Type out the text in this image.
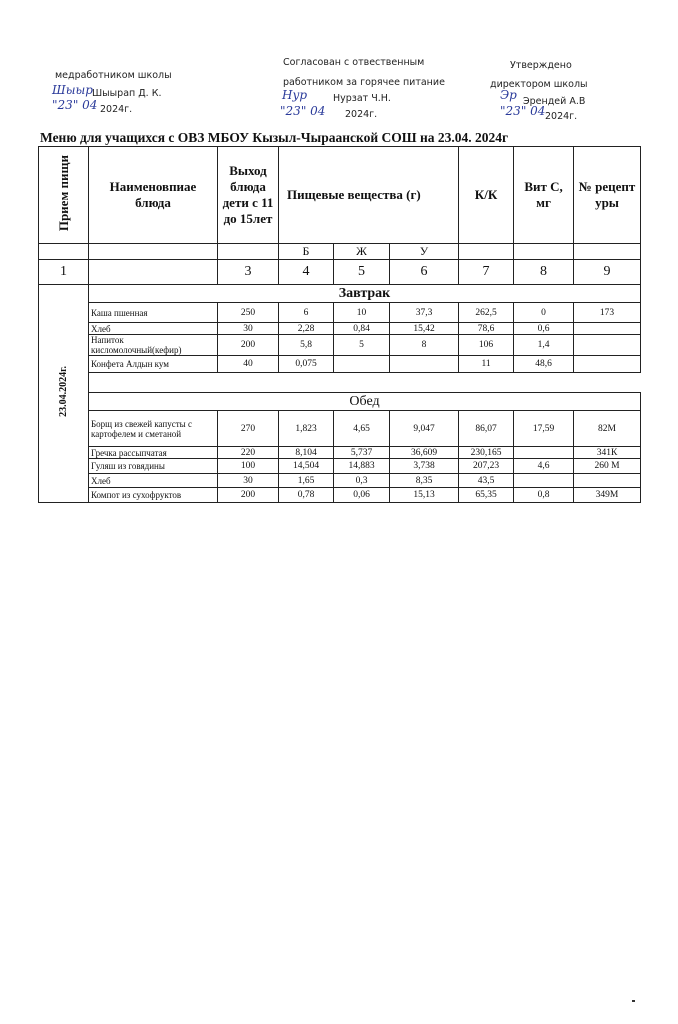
медработником школы
Шыыр Шыырап Д. К.
"23" 04 2024г.
Согласован с отвественным
работником за горячее питание
Нур	Нурзат Ч.Н.
"23" 04 2024г.
Утверждено
директором школы
Эр Эрендей А.В
"23" 04 2024г.
Меню для учащихся с ОВЗ МБОУ Кызыл-Чыраанской СОШ на 23.04. 2024г
Прием пищи	Наименовпиае блюда	Выход блюда дети с 11 до 15лет	Пищевые вещества (г)			К/К	Вит С, мг	№ рецептуры
			Б	Ж	У			
1		3	4	5	6	7	8	9
23.04.2024г.	Завтрак							
	Каша пшенная	250	6	10	37,3	262,5	0	173
	Хлеб	30	2,28	0,84	15,42	78,6	0,6	
	Напиток кисломолочный(кефир)	200	5,8	5	8	106	1,4	
	Конфета Алдын кум	40	0,075			11	48,6	

	Обед							
	Борщ из свежей капусты с картофелем и сметаной	270	1,823	4,65	9,047	86,07	17,59	82М
	Гречка рассыпчатая	220	8,104	5,737	36,609	230,165		341К
	Гуляш из говядины	100	14,504	14,883	3,738	207,23	4,6	260 М
	Хлеб	30	1,65	0,3	8,35	43,5		
	Компот из сухофруктов	200	0,78	0,06	15,13	65,35	0,8	349М
